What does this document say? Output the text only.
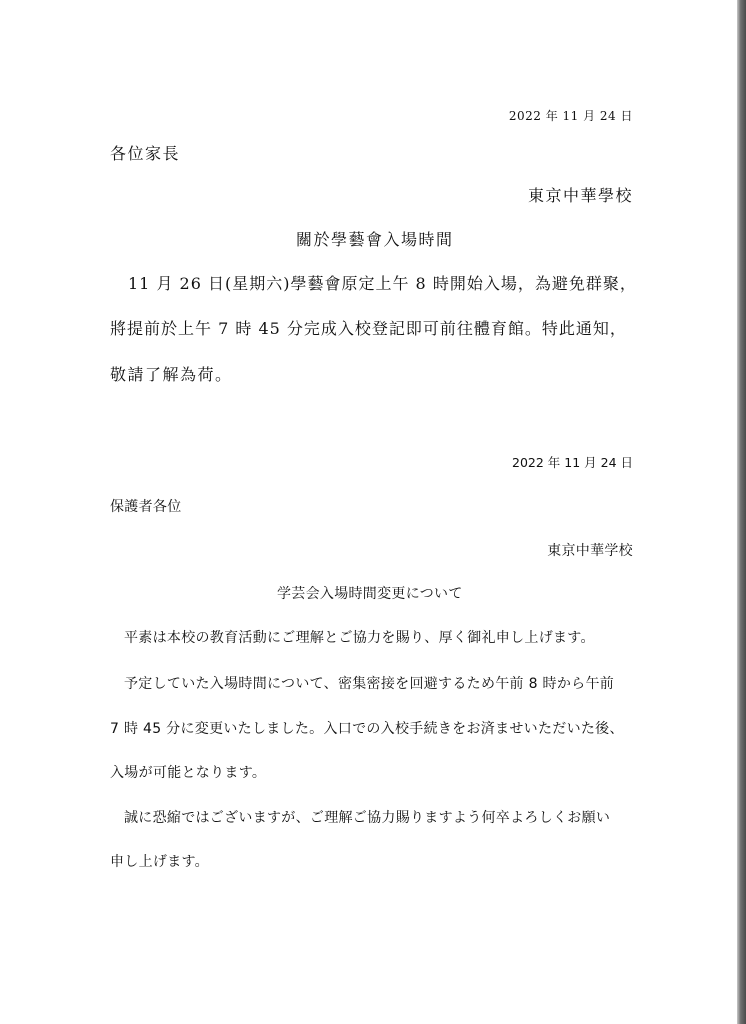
2022 年 11 月 24 日
各位家長
東京中華學校
關於學藝會入場時間
11 月 26 日(星期六)學藝會原定上午 8 時開始入場，為避免群聚，
將提前於上午 7 時 45 分完成入校登記即可前往體育館。特此通知，
敬請了解為荷。
2022 年 11 月 24 日
保護者各位
東京中華学校
学芸会入場時間変更について
平素は本校の教育活動にご理解とご協力を賜り、厚く御礼申し上げます。
予定していた入場時間について、密集密接を回避するため午前 8 時から午前
7 時 45 分に変更いたしました。入口での入校手続きをお済ませいただいた後、
入場が可能となります。
誠に恐縮ではございますが、ご理解ご協力賜りますよう何卒よろしくお願い
申し上げます。
